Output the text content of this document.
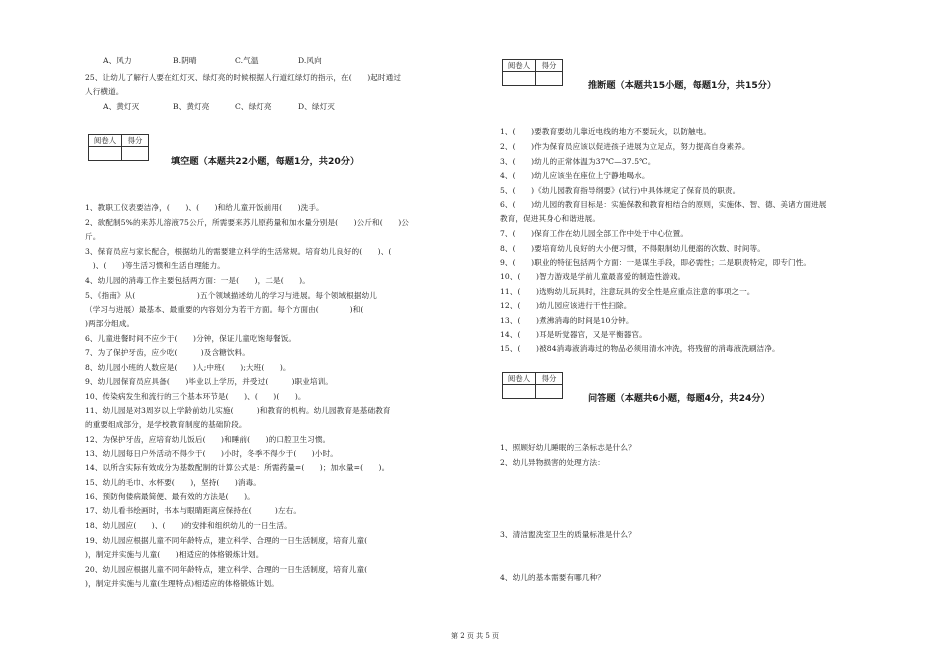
A、风力	B.阴晴	C.气温	D.风向
25、让幼儿了解行人要在红灯灭、绿灯亮的时候根据人行道红绿灯的指示，在(　　)起时通过
人行横道。
A、黄灯灭	B、黄灯亮	C、绿灯亮	D、绿灯灭
阅卷人	得分

填空题（本题共22小题，每题1分，共20分）
1、教职工仪表要洁净，(　　)、(　　)和给儿童开饭前用(　　)洗手。
2、欲配制5%的来苏儿溶液75公斤，所需要来苏儿原药量和加水量分别是(　　)公斤和(　　)公
斤。
3、保育员应与家长配合，根据幼儿的需要建立科学的生活常规。培育幼儿良好的(　　)、(
　)、(　　)等生活习惯和生活自理能力。
4、幼儿园的消毒工作主要包括两方面：一是(　　)，二是(　　)。
5、《指南》从(　　　　　　　　)五个领域描述幼儿的学习与进展。每个领域根据幼儿
（学习与进展）最基本、最重要的内容划分为若干方面。每个方面由(　　　　)和(
)两部分组成。
6、儿童进餐时间不应少于(　　)分钟，保证儿童吃饱每餐饭。
7、为了保护牙齿，应少吃(　　　)及含糖饮料。
8、幼儿园小班的人数应是(　　)人;中班(　　);大班(　　)。
9、幼儿园保育员应具备(　　)毕业以上学历，并受过(　　　)职业培训。
10、传染病发生和流行的三个基本环节是(　　)、(　　)(　　)。
11、幼儿园是对3周岁以上学龄前幼儿实施(　　　)和教育的机构。幼儿园教育是基础教育
的重要组成部分，是学校教育制度的基础阶段。
12、为保护牙齿，应培育幼儿饭后(　　)和睡前(　　)的口腔卫生习惯。
13、幼儿园每日户外活动不得少于(　　)小时，冬季不得少于(　　)小时。
14、以所含实际有效成分为基数配制的计算公式是：所需药量=(　　)；加水量=(　　)。
15、幼儿的毛巾、水杯要(　　)，坚持(　　)消毒。
16、预防佝偻病最简便、最有效的方法是(　　)。
17、幼儿看书绘画时，书本与眼睛距离应保持在(　　　)左右。
18、幼儿园应(　　)、(　　)的安排和组织幼儿的一日生活。
19、幼儿园应根据儿童不同年龄特点，建立科学、合理的一日生活制度，培育儿童(
)，制定并实施与儿童(　　)相适应的体格锻炼计划。
20、幼儿园应根据儿童不同年龄特点，建立科学、合理的一日生活制度，培育儿童(
)，制定并实施与儿童(生理特点)相适应的体格锻炼计划。
阅卷人	得分

推断题（本题共15小题，每题1分，共15分）
1、(　　)要教育要幼儿靠近电线的地方不要玩火，以防触电。
2、(　　)作为保育员应该以促进孩子进展为立足点，努力提高自身素养。
3、(　　)幼儿的正常体温为37℃—37.5℃。
4、(　　)幼儿应该坐在座位上宁静地喝水。
5、(　　)《幼儿园教育指导纲要》(试行)中具体规定了保育员的职责。
6、(　　)幼儿园的教育目标是：实施保教和教育相结合的原则，实施体、智、德、美诸方面进展
教育，促进其身心和谐进展。
7、(　　)保育工作在幼儿园全部工作中处于中心位置。
8、(　　)要培育幼儿良好的大小便习惯，不得限制幼儿便溺的次数、时间等。
9、(　　)职业的特征包括两个方面：一是谋生手段，即必需性；二是职责特定，即专门性。
10、(　　)智力游戏是学前儿童最喜爱的制造性游戏。
11、(　　)选购幼儿玩具时，注意玩具的安全性是应重点注意的事项之一。
12、(　　)幼儿园应该进行干性扫除。
13、(　　)煮沸消毒的时间是10分钟。
14、(　　)耳是听觉器官，又是平衡器官。
15、(　　)被84消毒液消毒过的物品必须用清水冲洗，将残留的消毒液洗刷洁净。
阅卷人	得分

问答题（本题共6小题，每题4分，共24分）
1、照顾好幼儿睡眠的三条标志是什么？
2、幼儿异物损害的处理方法：
3、清洁盥洗室卫生的质量标准是什么？
4、幼儿的基本需要有哪几种？
第 2 页 共 5 页
